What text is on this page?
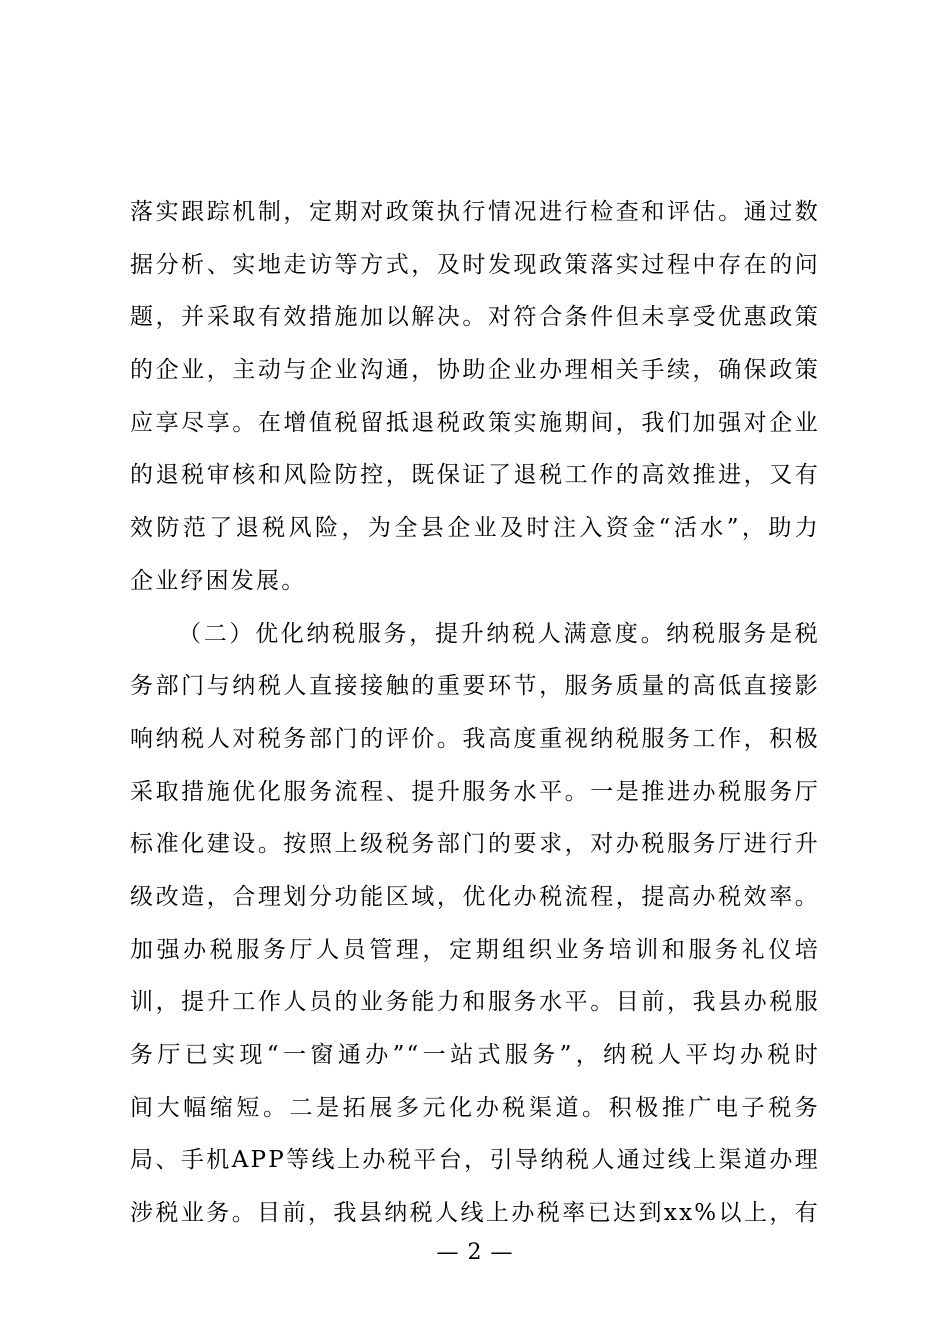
落实跟踪机制，定期对政策执行情况进行检查和评估。通过数
据分析、实地走访等方式，及时发现政策落实过程中存在的问
题，并采取有效措施加以解决。对符合条件但未享受优惠政策
的企业，主动与企业沟通，协助企业办理相关手续，确保政策
应享尽享。在增值税留抵退税政策实施期间，我们加强对企业
的退税审核和风险防控，既保证了退税工作的高效推进，又有
效防范了退税风险，为全县企业及时注入资金“活水”，助力
企业纾困发展。
（二）优化纳税服务，提升纳税人满意度。纳税服务是税
务部门与纳税人直接接触的重要环节，服务质量的高低直接影
响纳税人对税务部门的评价。我高度重视纳税服务工作，积极
采取措施优化服务流程、提升服务水平。一是推进办税服务厅
标准化建设。按照上级税务部门的要求，对办税服务厅进行升
级改造，合理划分功能区域，优化办税流程，提高办税效率。
加强办税服务厅人员管理，定期组织业务培训和服务礼仪培
训，提升工作人员的业务能力和服务水平。目前，我县办税服
务厅已实现“一窗通办”“一站式服务”，纳税人平均办税时
间大幅缩短。二是拓展多元化办税渠道。积极推广电子税务
局、手机APP等线上办税平台，引导纳税人通过线上渠道办理
涉税业务。目前，我县纳税人线上办税率已达到xx%以上，有
— 2 —
